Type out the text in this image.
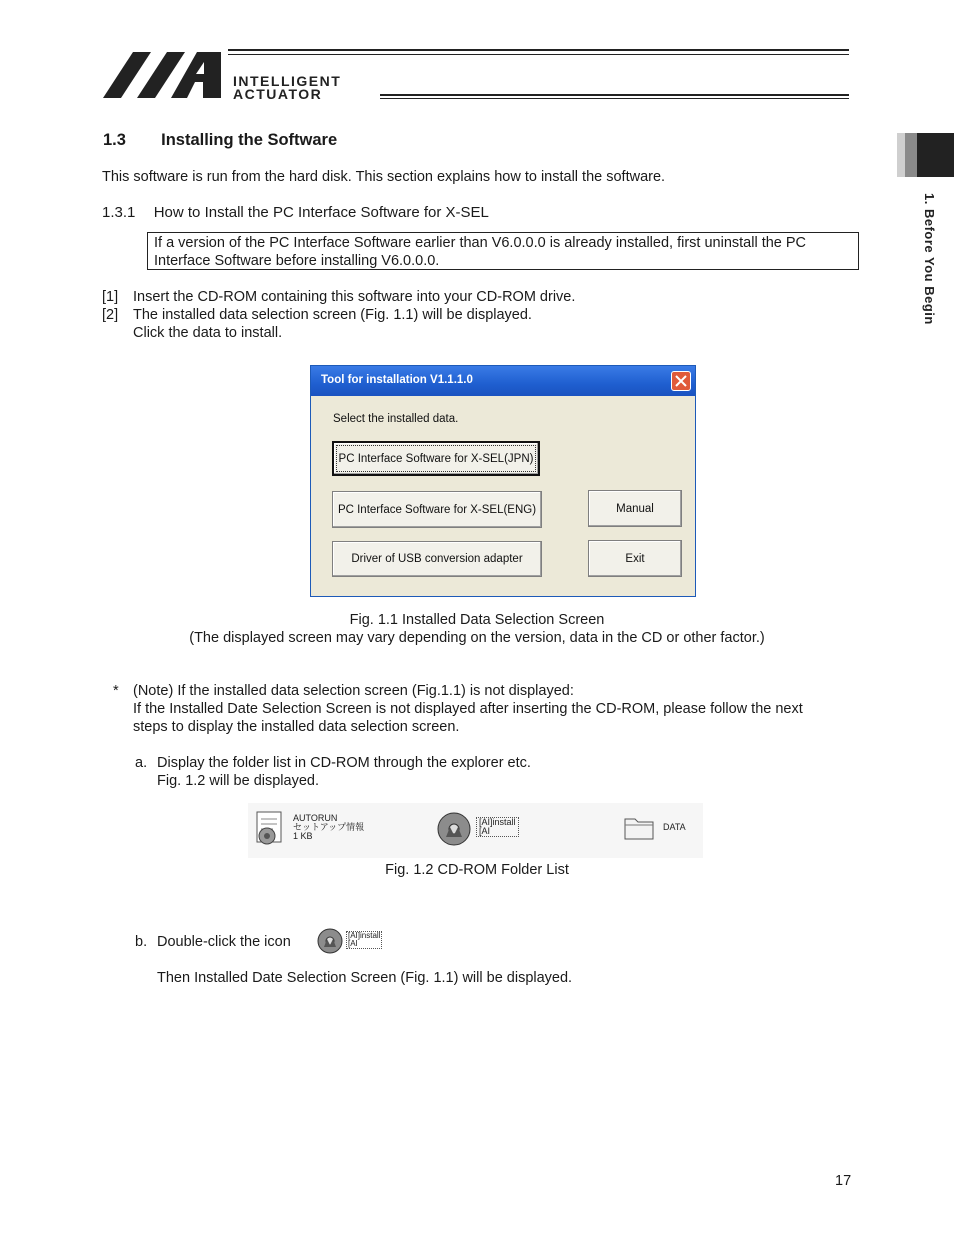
INTELLIGENT
ACTUATOR
1. Before You Begin
1.3 Installing the Software
This software is run from the hard disk. This section explains how to install the software.
1.3.1 How to Install the PC Interface Software for X-SEL
If a version of the PC Interface Software earlier than V6.0.0.0 is already installed, first uninstall the PC
Interface Software before installing V6.0.0.0.
[1] Insert the CD-ROM containing this software into your CD-ROM drive.
[2] The installed data selection screen (Fig. 1.1) will be displayed.
Click the data to install.
Tool for installation V1.1.1.0
Select the installed data.
PC Interface Software for X-SEL(JPN)
PC Interface Software for X-SEL(ENG)
Driver of USB conversion adapter
Manual
Exit
Fig. 1.1 Installed Data Selection Screen
(The displayed screen may vary depending on the version, data in the CD or other factor.)
* (Note) If the installed data selection screen (Fig.1.1) is not displayed:
If the Installed Date Selection Screen is not displayed after inserting the CD-ROM, please follow the next
steps to display the installed data selection screen.
a. Display the folder list in CD-ROM through the explorer etc.
Fig. 1.2 will be displayed.
AUTORUN
セットアップ情報
1 KB
[AI]install
[AI	DATA
Fig. 1.2 CD-ROM Folder List
b. Double-click the icon	[AI]install
[AI
Then Installed Date Selection Screen (Fig. 1.1) will be displayed.
17
